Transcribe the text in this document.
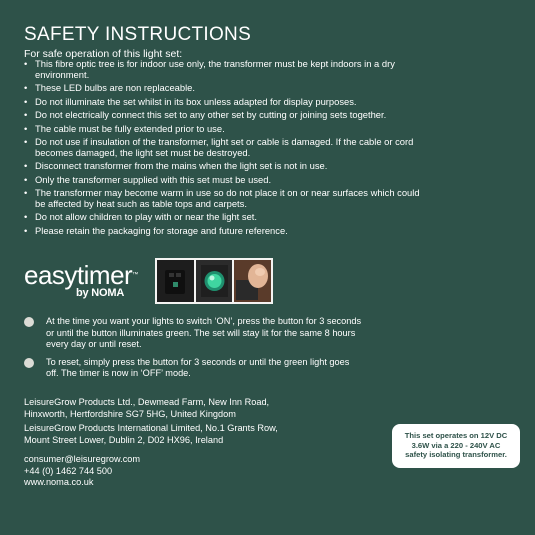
SAFETY INSTRUCTIONS

For safe operation of this light set:

• This fibre optic tree is for indoor use only, the transformer must be kept indoors in a dry environment.
• These LED bulbs are non replaceable.
• Do not illuminate the set whilst in its box unless adapted for display purposes.
• Do not electrically connect this set to any other set by cutting or joining sets together.
• The cable must be fully extended prior to use.
• Do not use if insulation of the transformer, light set or cable is damaged. If the cable or cord becomes damaged, the light set must be destroyed.
• Disconnect transformer from the mains when the light set is not in use.
• Only the transformer supplied with this set must be used.
• The transformer may become warm in use so do not place it on or near surfaces which could be affected by heat such as table tops and carpets.
• Do not allow children to play with or near the light set.
• Please retain the packaging for storage and future reference.
easytimer™
by NOMA
At the time you want your lights to switch ‘ON’, press the button for 3 seconds or until the button illuminates green. The set will stay lit for the same 8 hours every day or until reset.
To reset, simply press the button for 3 seconds or until the green light goes off. The timer is now in ‘OFF’ mode.

LeisureGrow Products Ltd., Dewmead Farm, New Inn Road,
Hinxworth, Hertfordshire SG7 5HG, United Kingdom

LeisureGrow Products International Limited, No.1 Grants Row,
Mount Street Lower, Dublin 2, D02 HX96, Ireland

consumer@leisuregrow.com
+44 (0) 1462 744 500
www.noma.co.uk

This set operates on 12V DC
3.6W via a 220 - 240V AC
safety isolating transformer.
